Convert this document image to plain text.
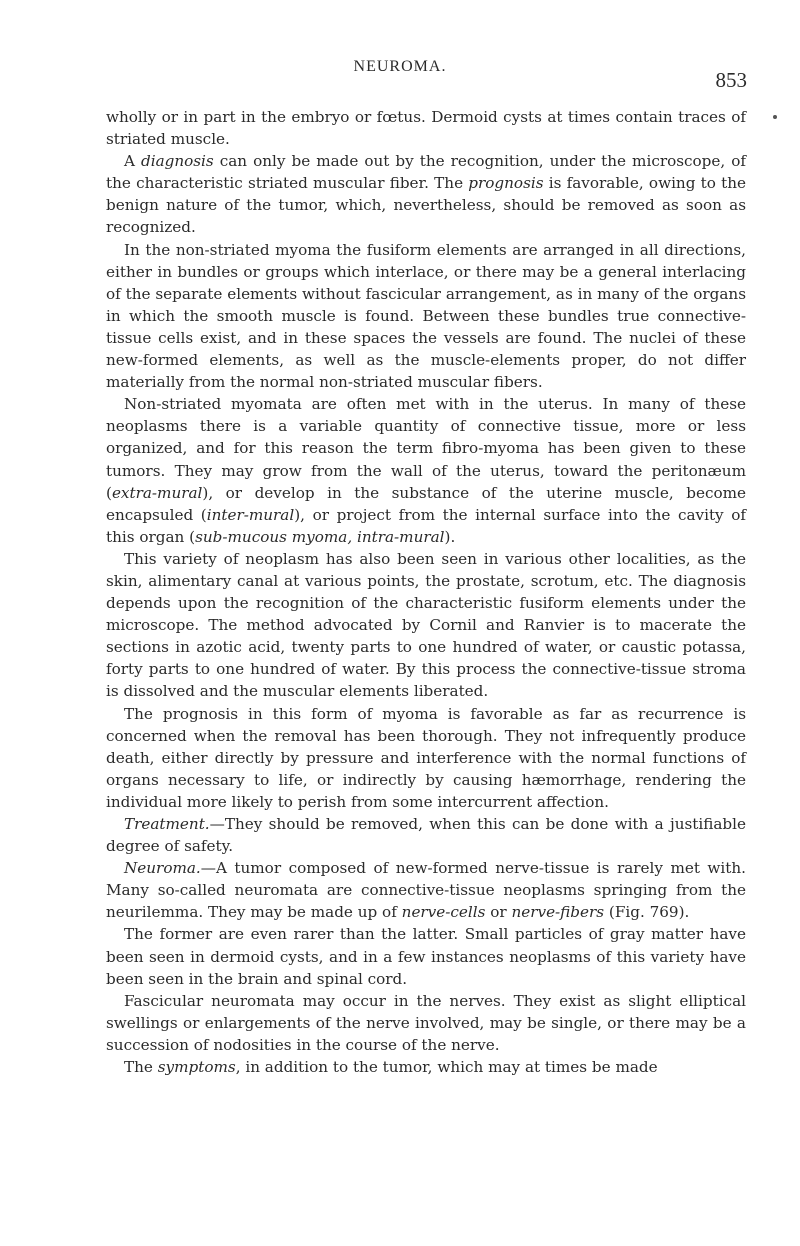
NEUROMA.
853

wholly or in part in the embryo or fœtus. Dermoid cysts at times contain traces of striated muscle.

A diagnosis can only be made out by the recognition, under the microscope, of the characteristic striated muscular fiber. The prognosis is favorable, owing to the benign nature of the tumor, which, nevertheless, should be removed as soon as recognized.

In the non-striated myoma the fusiform elements are arranged in all directions, either in bundles or groups which interlace, or there may be a general interlacing of the separate elements without fascicular arrangement, as in many of the organs in which the smooth muscle is found. Between these bundles true connective-tissue cells exist, and in these spaces the vessels are found. The nuclei of these new-formed elements, as well as the muscle-elements proper, do not differ materially from the normal non-striated muscular fibers.

Non-striated myomata are often met with in the uterus. In many of these neoplasms there is a variable quantity of connective tissue, more or less organized, and for this reason the term fibro-myoma has been given to these tumors. They may grow from the wall of the uterus, toward the peritonæum (extra-mural), or develop in the substance of the uterine muscle, become encapsuled (inter-mural), or project from the internal surface into the cavity of this organ (sub-mucous myoma, intra-mural).

This variety of neoplasm has also been seen in various other localities, as the skin, alimentary canal at various points, the prostate, scrotum, etc. The diagnosis depends upon the recognition of the characteristic fusiform elements under the microscope. The method advocated by Cornil and Ranvier is to macerate the sections in azotic acid, twenty parts to one hundred of water, or caustic potassa, forty parts to one hundred of water. By this process the connective-tissue stroma is dissolved and the muscular elements liberated.

The prognosis in this form of myoma is favorable as far as recurrence is concerned when the removal has been thorough. They not infrequently produce death, either directly by pressure and interference with the normal functions of organs necessary to life, or indirectly by causing hæmorrhage, rendering the individual more likely to perish from some intercurrent affection.

Treatment.—They should be removed, when this can be done with a justifiable degree of safety.

Neuroma.—A tumor composed of new-formed nerve-tissue is rarely met with. Many so-called neuromata are connective-tissue neoplasms springing from the neurilemma. They may be made up of nerve-cells or nerve-fibers (Fig. 769).

The former are even rarer than the latter. Small particles of gray matter have been seen in dermoid cysts, and in a few instances neoplasms of this variety have been seen in the brain and spinal cord.

Fascicular neuromata may occur in the nerves. They exist as slight elliptical swellings or enlargements of the nerve involved, may be single, or there may be a succession of nodosities in the course of the nerve.

The symptoms, in addition to the tumor, which may at times be made
